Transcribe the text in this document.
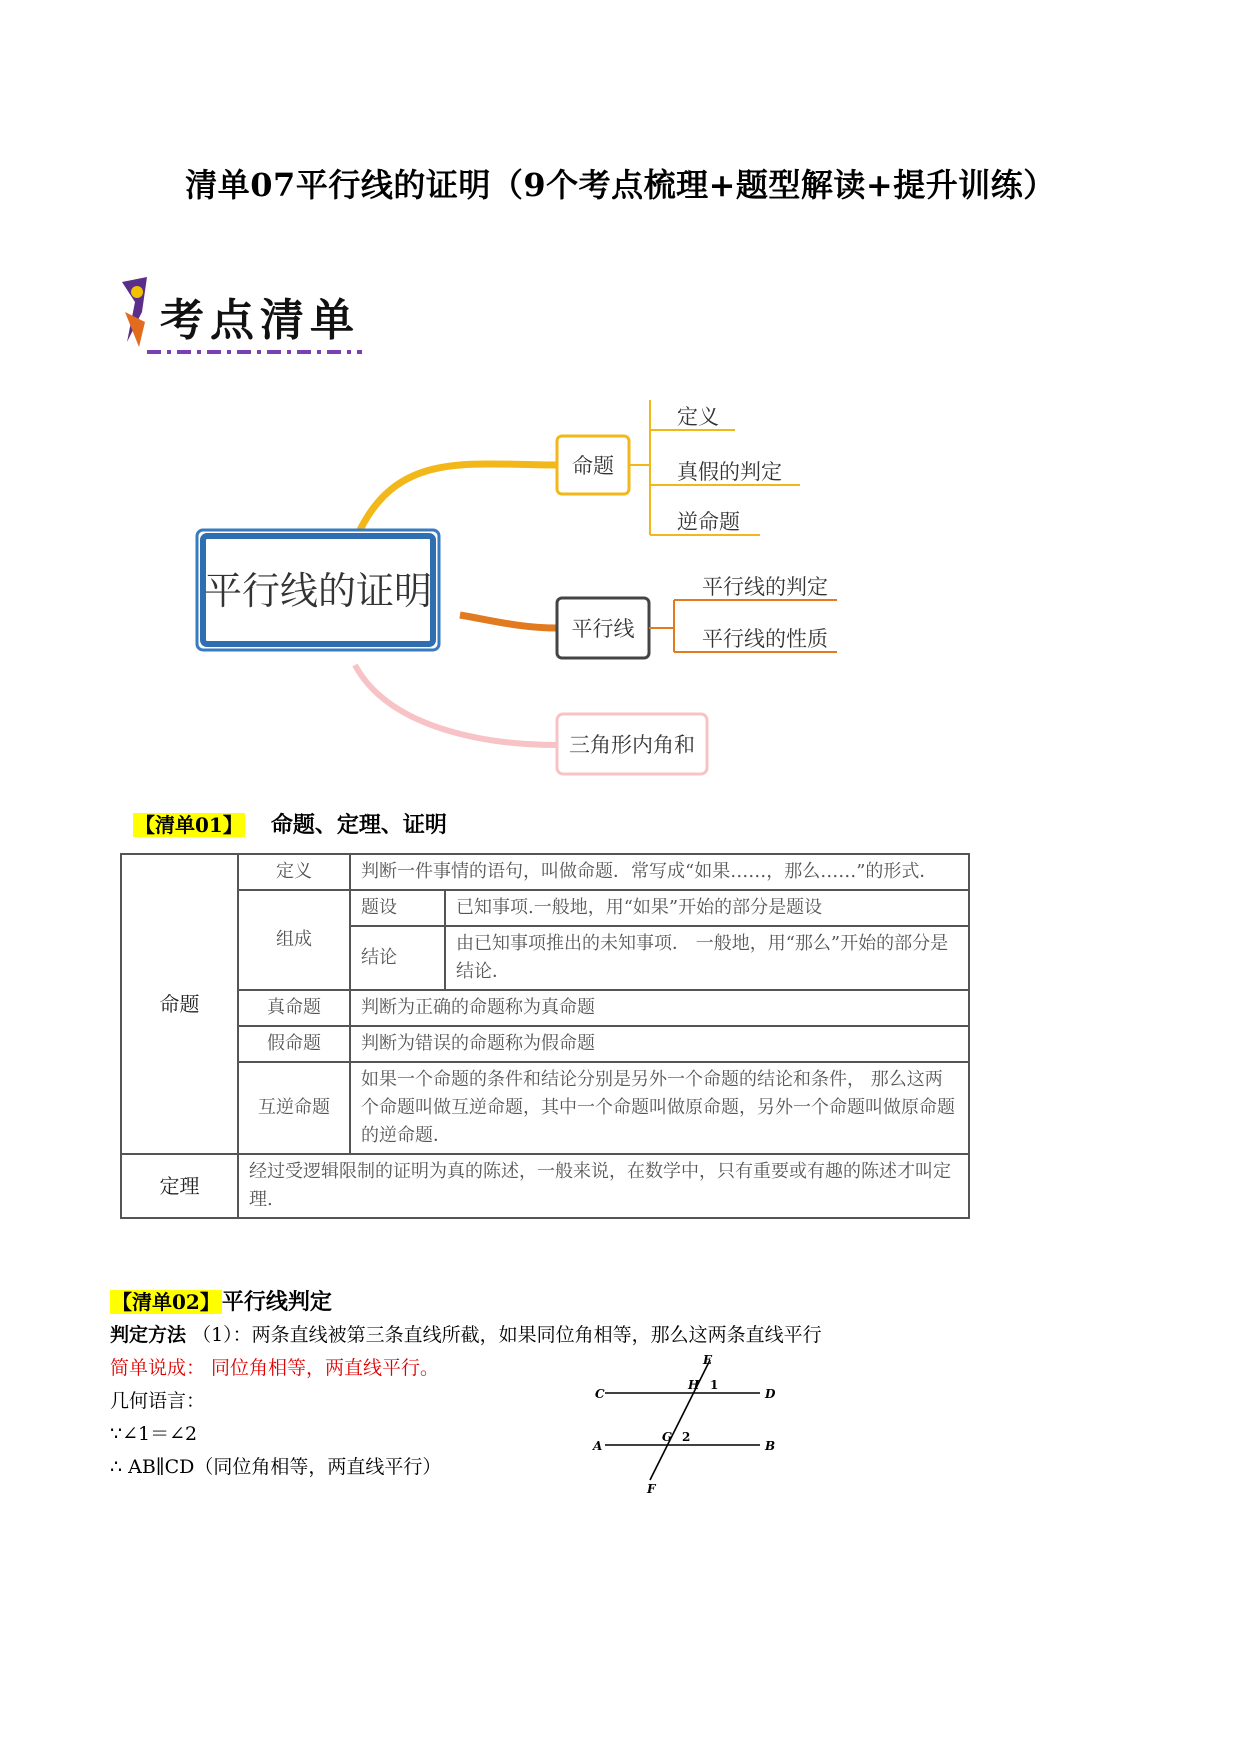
清单07平行线的证明（9个考点梳理+题型解读+提升训练）
考点清单
平行线的证明
命题
定义
真假的判定
逆命题
平行线
平行线的判定
平行线的性质
三角形内角和
【清单01】 命题、定理、证明
命题	定义	判断一件事情的语句，叫做命题．常写成“如果……，那么……”的形式．	
	组成	题设	已知事项.一般地，用“如果”开始的部分是题设
		结论	由已知事项推出的未知事项． 一般地，用“那么”开始的部分是结论．
	真命题	判断为正确的命题称为真命题	
	假命题	判断为错误的命题称为假命题	
	互逆命题	如果一个命题的条件和结论分别是另外一个命题的结论和条件， 那么这两个命题叫做互逆命题，其中一个命题叫做原命题，另外一个命题叫做原命题的逆命题．	
定理	经过受逻辑限制的证明为真的陈述，一般来说，在数学中，只有重要或有趣的陈述才叫定理.		
【清单02】平行线判定
判定方法 （1）：两条直线被第三条直线所截，如果同位角相等，那么这两条直线平行
简单说成： 同位角相等，两直线平行。
几何语言：
∵∠1＝∠2
∴ AB∥CD（同位角相等，两直线平行）
E
F
C	D
A	B
H
G
1
2
